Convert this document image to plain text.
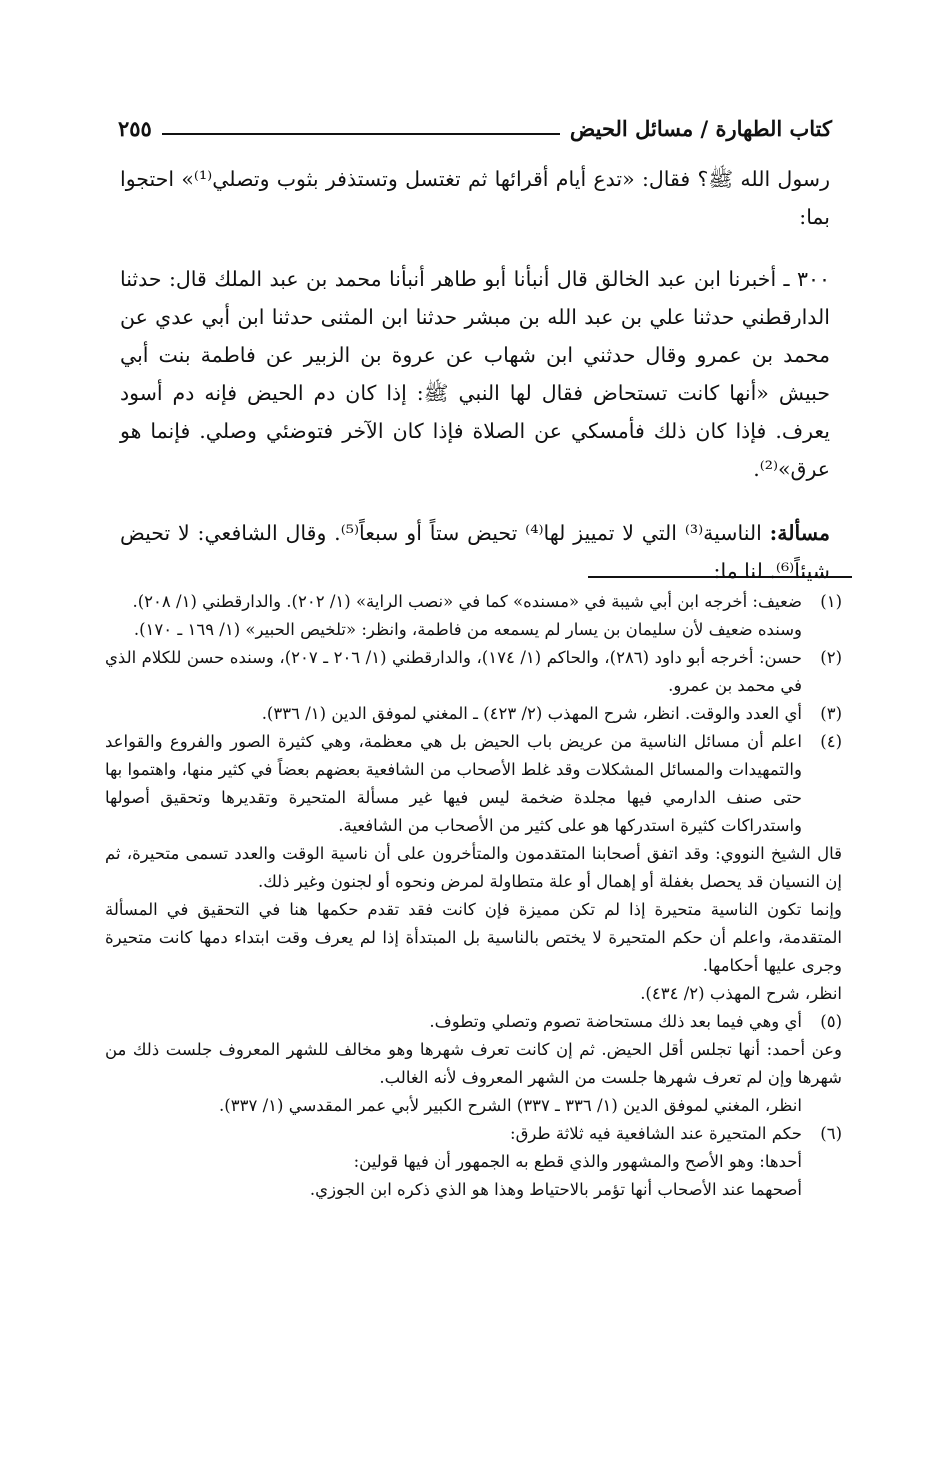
كتاب الطهارة / مسائل الحيض
٢٥٥

رسول الله ﷺ؟ فقال: «تدع أيام أقرائها ثم تغتسل وتستذفر بثوب وتصلي⁽¹⁾» احتجوا بما:

٣٠٠ ـ أخبرنا ابن عبد الخالق قال أنبأنا أبو طاهر أنبأنا محمد بن عبد الملك قال: حدثنا الدارقطني حدثنا علي بن عبد الله بن مبشر حدثنا ابن المثنى حدثنا ابن أبي عدي عن محمد بن عمرو وقال حدثني ابن شهاب عن عروة بن الزبير عن فاطمة بنت أبي حبيش «أنها كانت تستحاض فقال لها النبي ﷺ: إذا كان دم الحيض فإنه دم أسود يعرف. فإذا كان ذلك فأمسكي عن الصلاة فإذا كان الآخر فتوضئي وصلي. فإنما هو عرق»⁽²⁾.

مسألة: الناسية⁽³⁾ التي لا تمييز لها⁽⁴⁾ تحيض ستاً أو سبعاً⁽⁵⁾. وقال الشافعي: لا تحيض شيئاً⁽⁶⁾. لنا ما:

(١)
ضعيف: أخرجه ابن أبي شيبة في «مسنده» كما في «نصب الراية» (١/ ٢٠٢). والدارقطني (١/ ٢٠٨).
وسنده ضعيف لأن سليمان بن يسار لم يسمعه من فاطمة، وانظر: «تلخيص الحبير» (١/ ١٦٩ ـ ١٧٠).
(٢)
حسن: أخرجه أبو داود (٢٨٦)، والحاكم (١/ ١٧٤)، والدارقطني (١/ ٢٠٦ ـ ٢٠٧)، وسنده حسن للكلام الذي في محمد بن عمرو.
(٣)
أي العدد والوقت. انظر، شرح المهذب (٢/ ٤٢٣) ـ المغني لموفق الدين (١/ ٣٣٦).
(٤)
اعلم أن مسائل الناسية من عريض باب الحيض بل هي معظمة، وهي كثيرة الصور والفروع والقواعد والتمهيدات والمسائل المشكلات وقد غلط الأصحاب من الشافعية بعضهم بعضاً في كثير منها، واهتموا بها حتى صنف الدارمي فيها مجلدة ضخمة ليس فيها غير مسألة المتحيرة وتقديرها وتحقيق أصولها واستدراكات كثيرة استدركها هو على كثير من الأصحاب من الشافعية.
قال الشيخ النووي: وقد اتفق أصحابنا المتقدمون والمتأخرون على أن ناسية الوقت والعدد تسمى متحيرة، ثم إن النسيان قد يحصل بغفلة أو إهمال أو علة متطاولة لمرض ونحوه أو لجنون وغير ذلك.
وإنما تكون الناسية متحيرة إذا لم تكن مميزة فإن كانت فقد تقدم حكمها هنا في التحقيق في المسألة المتقدمة، واعلم أن حكم المتحيرة لا يختص بالناسية بل المبتدأة إذا لم يعرف وقت ابتداء دمها كانت متحيرة وجرى عليها أحكامها.
انظر، شرح المهذب (٢/ ٤٣٤).
(٥)
أي وهي فيما بعد ذلك مستحاضة تصوم وتصلي وتطوف.
وعن أحمد: أنها تجلس أقل الحيض. ثم إن كانت تعرف شهرها وهو مخالف للشهر المعروف جلست ذلك من شهرها وإن لم تعرف شهرها جلست من الشهر المعروف لأنه الغالب.
انظر، المغني لموفق الدين (١/ ٣٣٦ ـ ٣٣٧) الشرح الكبير لأبي عمر المقدسي (١/ ٣٣٧).
(٦)
حكم المتحيرة عند الشافعية فيه ثلاثة طرق:
أحدها: وهو الأصح والمشهور والذي قطع به الجمهور أن فيها قولين:
أصحهما عند الأصحاب أنها تؤمر بالاحتياط وهذا هو الذي ذكره ابن الجوزي.
